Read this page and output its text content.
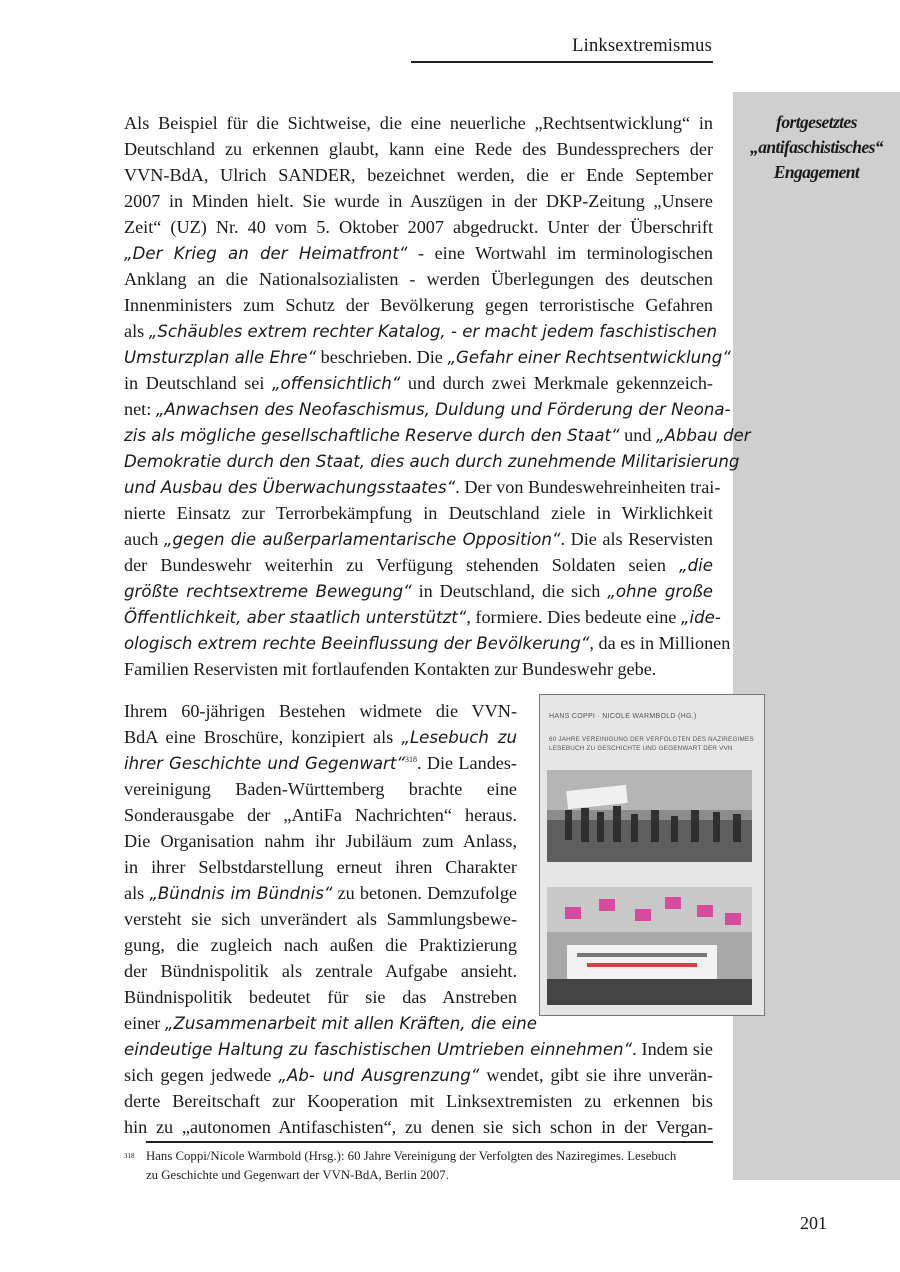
Linksextremismus
fortgesetztes
„antifaschistisches“
Engagement
Als Beispiel für die Sichtweise, die eine neuerliche „Rechtsentwicklung“ in
Deutschland zu erkennen glaubt, kann eine Rede des Bundessprechers der
VVN-BdA, Ulrich SANDER, bezeichnet werden, die er Ende September
2007 in Minden hielt. Sie wurde in Auszügen in der DKP-Zeitung „Unsere
Zeit“ (UZ) Nr. 40 vom 5. Oktober 2007 abgedruckt. Unter der Überschrift
„Der Krieg an der Heimatfront“ - eine Wortwahl im terminologischen
Anklang an die Nationalsozialisten - werden Überlegungen des deutschen
Innenministers zum Schutz der Bevölkerung gegen terroristische Gefahren
als „Schäubles extrem rechter Katalog, - er macht jedem faschistischen
Umsturzplan alle Ehre“ beschrieben. Die „Gefahr einer Rechtsentwicklung“
in Deutschland sei „offensichtlich“ und durch zwei Merkmale gekennzeich-
net: „Anwachsen des Neofaschismus, Duldung und Förderung der Neona-
zis als mögliche gesellschaftliche Reserve durch den Staat“ und „Abbau der
Demokratie durch den Staat, dies auch durch zunehmende Militarisierung
und Ausbau des Überwachungsstaates“. Der von Bundeswehreinheiten trai-
nierte Einsatz zur Terrorbekämpfung in Deutschland ziele in Wirklichkeit
auch „gegen die außerparlamentarische Opposition“. Die als Reservisten
der Bundeswehr weiterhin zu Verfügung stehenden Soldaten seien „die
größte rechtsextreme Bewegung“ in Deutschland, die sich „ohne große
Öffentlichkeit, aber staatlich unterstützt“, formiere. Dies bedeute eine „ide-
ologisch extrem rechte Beeinflussung der Bevölkerung“, da es in Millionen
Familien Reservisten mit fortlaufenden Kontakten zur Bundeswehr gebe.
Ihrem 60-jährigen Bestehen widmete die VVN-
BdA eine Broschüre, konzipiert als „Lesebuch zu
ihrer Geschichte und Gegenwart“$^{318}$. Die Landes-
vereinigung Baden-Württemberg brachte eine
Sonderausgabe der „AntiFa Nachrichten“ heraus.
Die Organisation nahm ihr Jubiläum zum Anlass,
in ihrer Selbstdarstellung erneut ihren Charakter
als „Bündnis im Bündnis“ zu betonen. Demzufolge
versteht sie sich unverändert als Sammlungsbewe-
gung, die zugleich nach außen die Praktizierung
der Bündnispolitik als zentrale Aufgabe ansieht.
Bündnispolitik bedeutet für sie das Anstreben
einer „Zusammenarbeit mit allen Kräften, die eine
eindeutige Haltung zu faschistischen Umtrieben einnehmen“. Indem sie
sich gegen jedwede „Ab- und Ausgrenzung“ wendet, gibt sie ihre unverän-
derte Bereitschaft zur Kooperation mit Linksextremisten zu erkennen bis
hin zu „autonomen Antifaschisten“, zu denen sie sich schon in der Vergan-
HANS COPPI · NICOLE WARMBOLD (HG.)
60 JAHRE VEREINIGUNG DER VERFOLGTEN DES NAZIREGIMES
LESEBUCH ZU GESCHICHTE UND GEGENWART DER VVN
318 Hans Coppi/Nicole Warmbold (Hrsg.): 60 Jahre Vereinigung der Verfolgten des Naziregimes. Lesebuch
zu Geschichte und Gegenwart der VVN-BdA, Berlin 2007.
201
